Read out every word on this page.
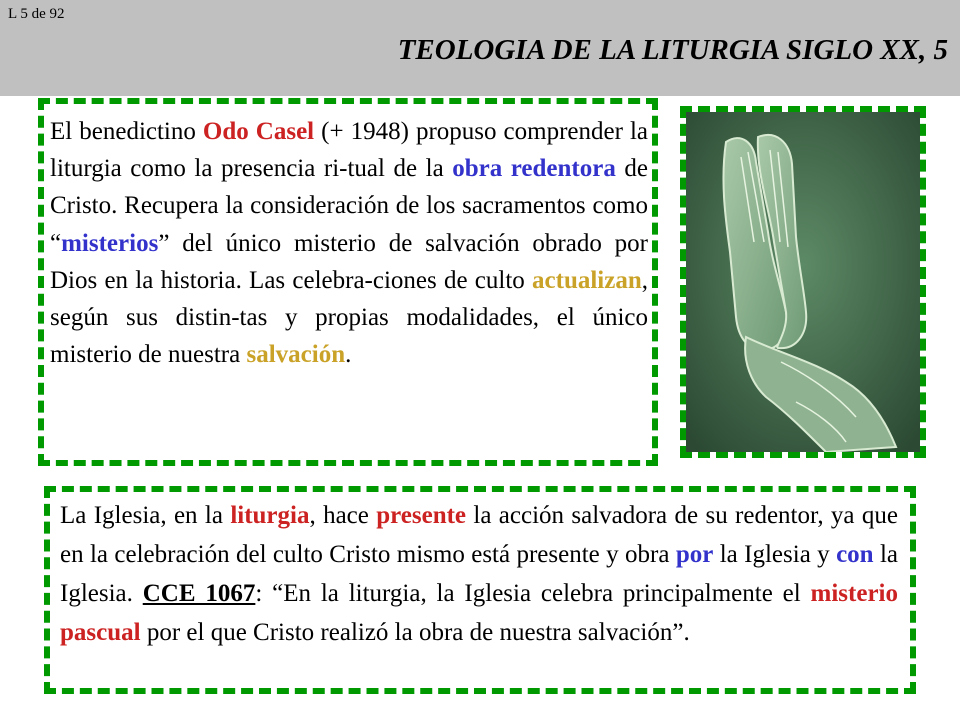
L 5 de 92
TEOLOGIA DE LA LITURGIA SIGLO XX, 5
El benedictino Odo Casel (+ 1948) propuso comprender la liturgia como la presencia ri-tual de la obra redentora de Cristo. Recupera la consideración de los sacramentos como “misterios” del único misterio de salvación obrado por Dios en la historia. Las celebra-ciones de culto actualizan, según sus distin-tas y propias modalidades, el único misterio de nuestra salvación.
La Iglesia, en la liturgia, hace presente la acción salvadora de su redentor, ya que en la celebración del culto Cristo mismo está presente y obra por la Iglesia y con la Iglesia. CCE 1067: “En la liturgia, la Iglesia celebra principalmente el misterio pascual por el que Cristo realizó la obra de nuestra salvación”.
